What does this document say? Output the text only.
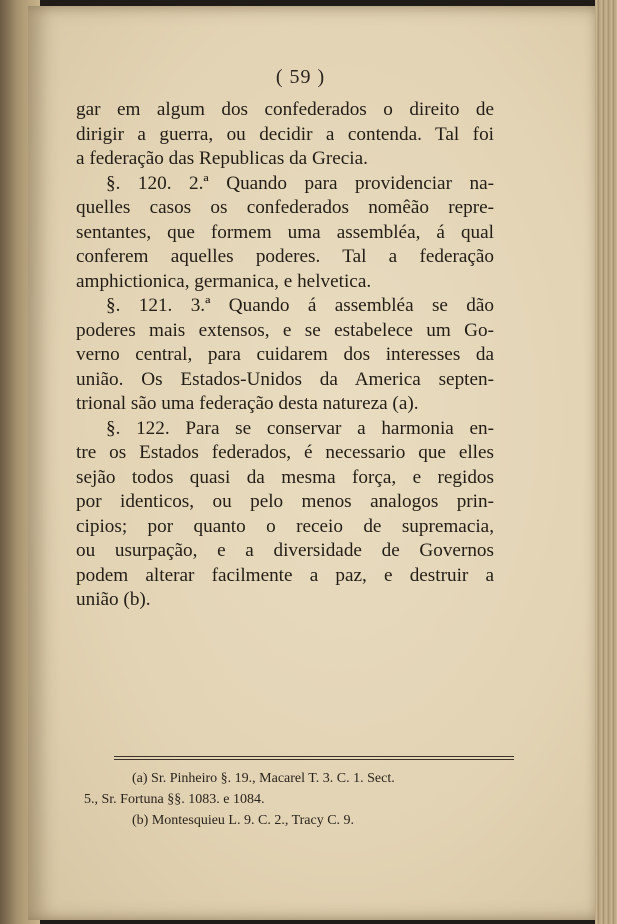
( 59 )
gar em algum dos confederados o direito de
dirigir a guerra, ou decidir a contenda. Tal foi
a federação das Republicas da Grecia.
§. 120. 2.ª Quando para providenciar na-
quelles casos os confederados nomêão repre-
sentantes, que formem uma assembléa, á qual
conferem aquelles poderes. Tal a federação
amphictionica, germanica, e helvetica.
§. 121. 3.ª Quando á assembléa se dão
poderes mais extensos, e se estabelece um Go-
verno central, para cuidarem dos interesses da
união. Os Estados-Unidos da America septen-
trional são uma federação desta natureza (a).
§. 122. Para se conservar a harmonia en-
tre os Estados federados, é necessario que elles
sejão todos quasi da mesma força, e regidos
por identicos, ou pelo menos analogos prin-
cipios; por quanto o receio de supremacia,
ou usurpação, e a diversidade de Governos
podem alterar facilmente a paz, e destruir a
união (b).
(a) Sr. Pinheiro §. 19., Macarel T. 3. C. 1. Sect.
5., Sr. Fortuna §§. 1083. e 1084.
(b) Montesquieu L. 9. C. 2., Tracy C. 9.
